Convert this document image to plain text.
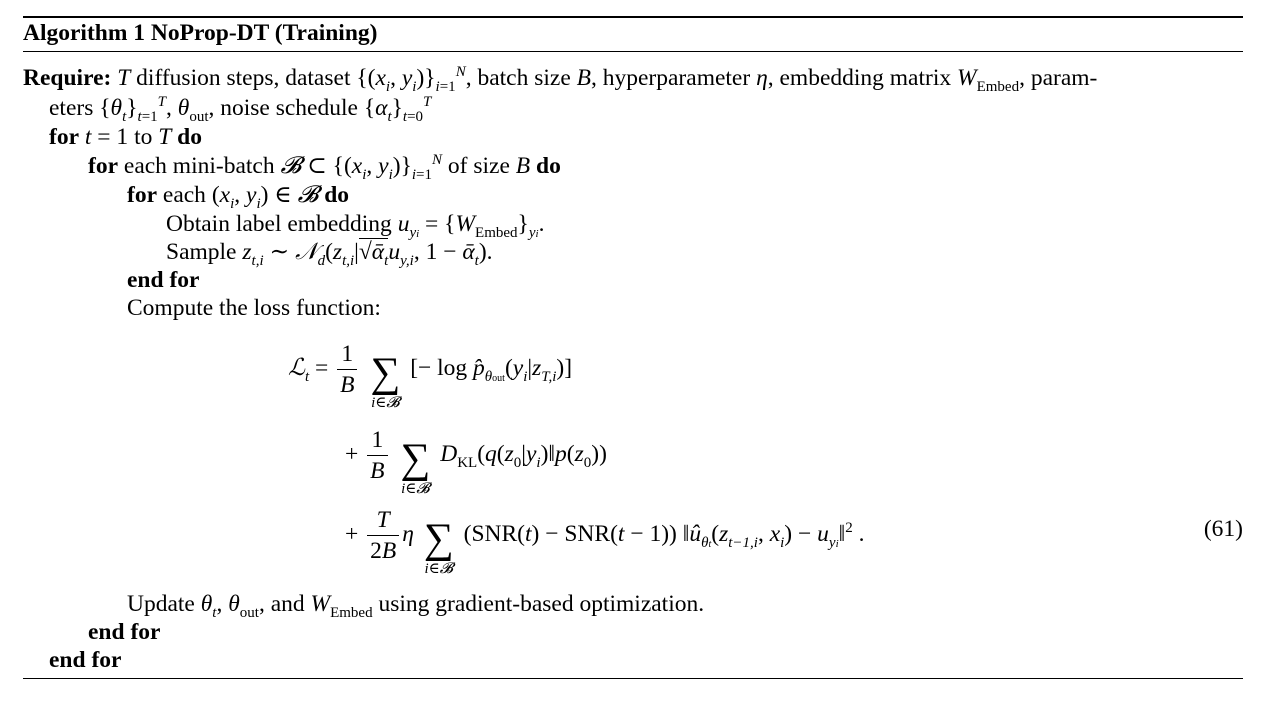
Algorithm 1 NoProp-DT (Training)
Require: T diffusion steps, dataset {($x_i$, $y_i)\}_{i=1}^N$, batch size B, hyperparameter η, embedding matrix $W_{Embed}$, param-
eters $\{\theta_t\}_{t=1}^T$, $\theta_{out}$, noise schedule $\{\alpha_t\}_{t=0}^T$
for t = 1 to T do
for each mini-batch 𝓑 ⊂ {($x_i$, $y_i)\}_{i=1}^N$ of size B do
for each ($x_i$, $y_i$) ∈ 𝓑 do
Obtain label embedding $u_{yi} = \{W_{Embed}\}_{yi}$.
Sample $z_{t,i}$ ∼ $𝒩_d(z_{t,i}|√ᾱ_tu_{y,i}$, 1 − ᾱ$_t$).
end for
Compute the loss function:
ℒ$_t$ = $\frac{1}{B}$
∑
i∈𝓑
[− $\log p̂_{\theta out}(y_i|z_{T,i})$]
+ $\frac{1}{B}$
∑
i∈𝓑
$D_{KL}(q(z_0|y_i)‖p(z_0))$
+ $\frac{T}{2B}$ η ∑
i∈𝓑
(SNR(t) − SNR(t − 1)) $‖û_{\theta t}(z_{t-1,i}$, $x_i$) − $u_{yi}‖^2$ .	(61)
Update $\theta_t$, $\theta_{out}$, and $W_{Embed}$ using gradient-based optimization.
end for
end for
